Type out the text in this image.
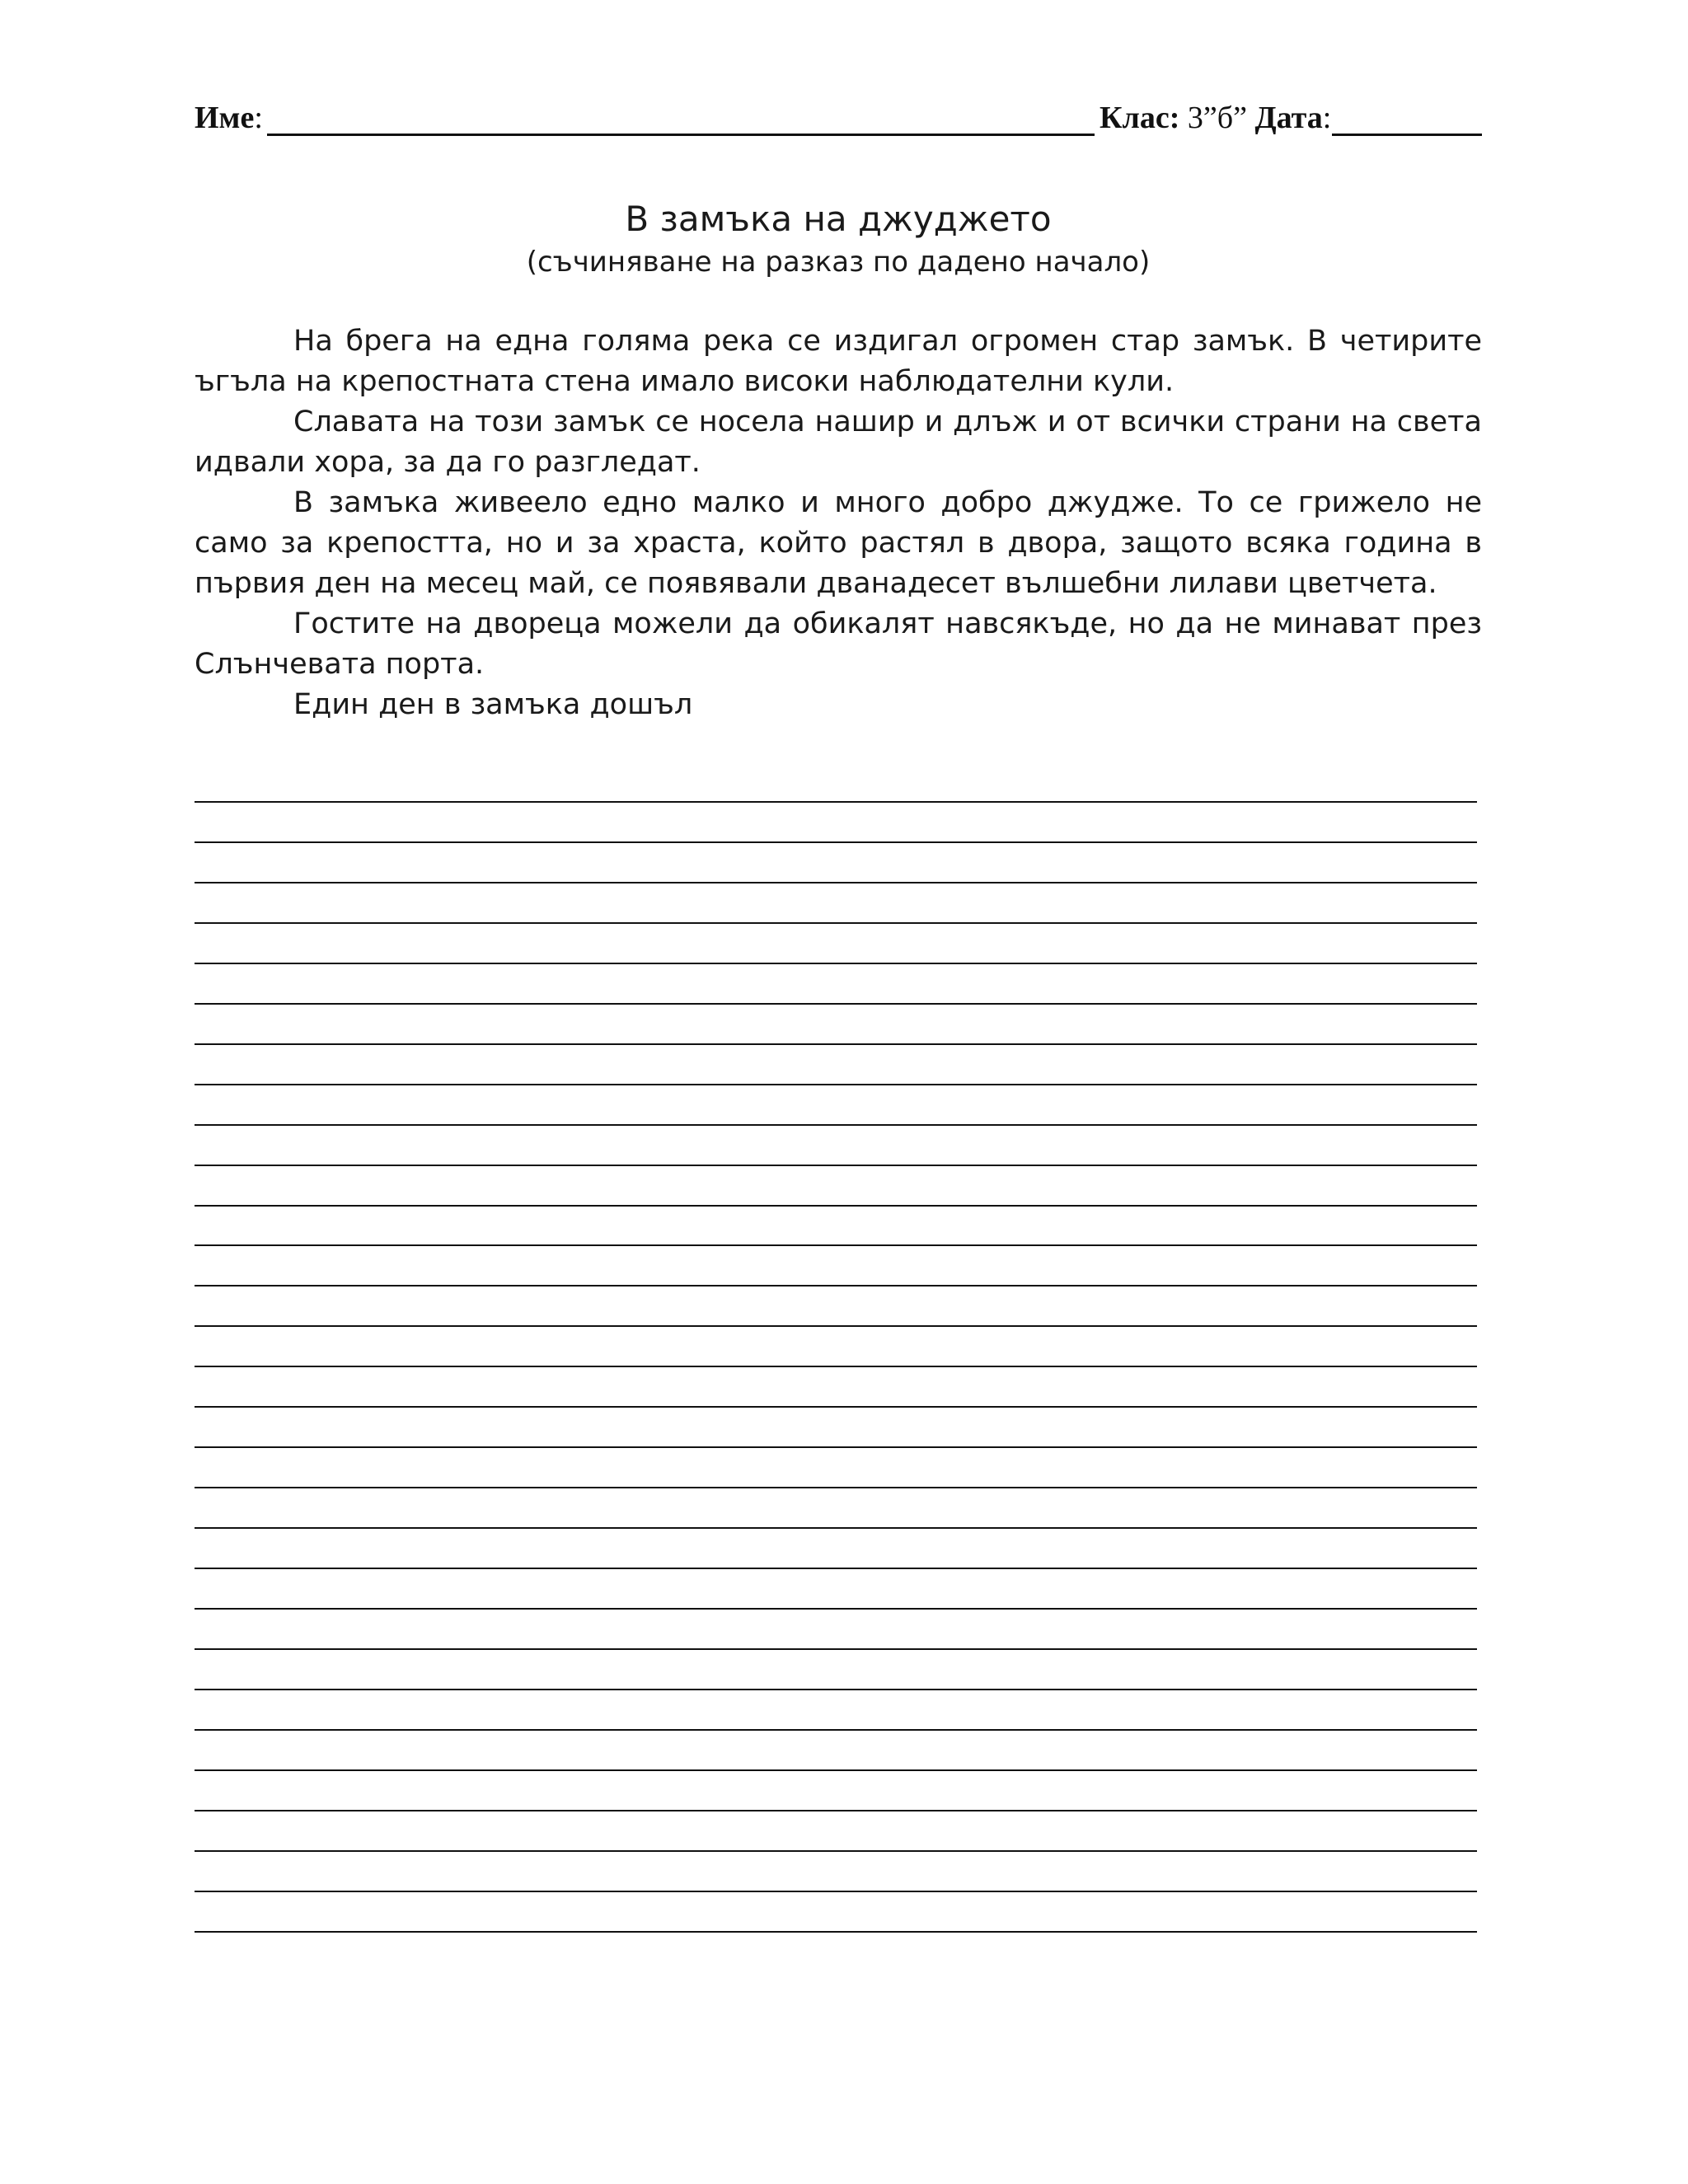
Име:	Клас: 3”б” Дата:
В замъка на джуджето
(съчиняване на разказ по дадено начало)

На брега на една голяма река се издигал огромен стар замък. В четирите ъгъла на крепостната стена имало високи наблюдателни кули.

Славата на този замък се носела нашир и длъж и от всички страни на света идвали хора, за да го разгледат.

В замъка живеело едно малко и много добро джудже. То се грижело не само за крепостта, но и за храста, който растял в двора, защото всяка година в първия ден на месец май, се появявали дванадесет вълшебни лилави цветчета.

Гостите на двореца можели да обикалят навсякъде, но да не минават през Слънчевата порта.

Един ден в замъка дошъл
